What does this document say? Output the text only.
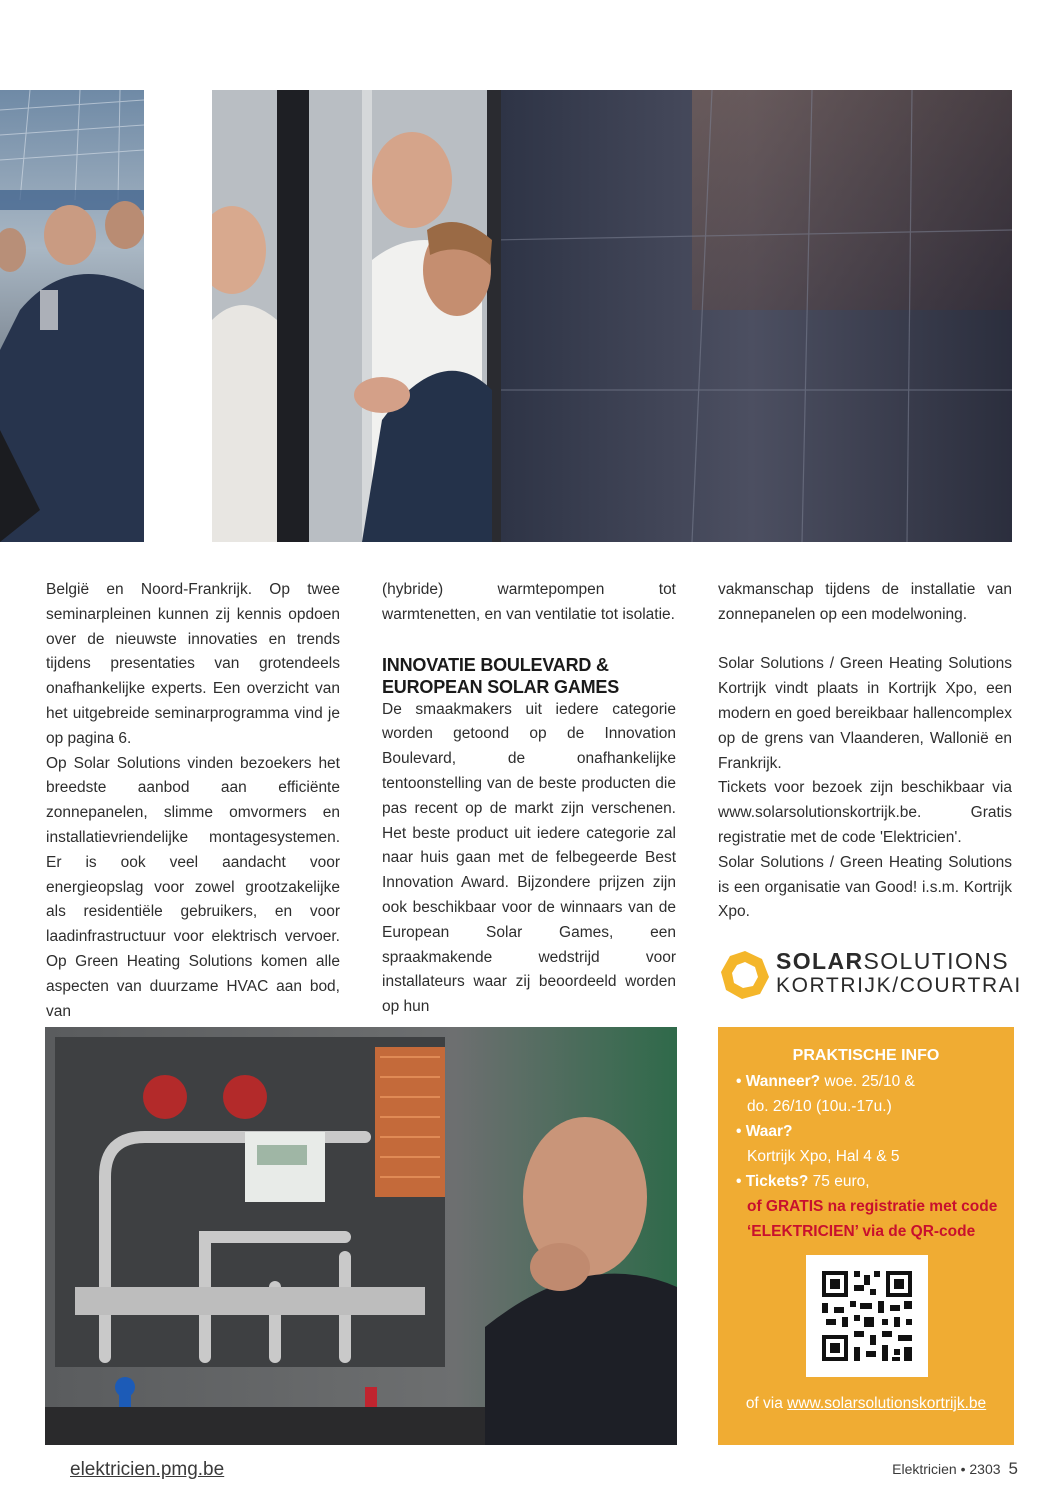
België en Noord-Frankrijk. Op twee seminarpleinen kunnen zij kennis opdoen over de nieuwste innovaties en trends tijdens presentaties van grotendeels onafhankelijke experts. Een overzicht van het uitgebreide seminarprogramma vind je op pagina 6.

Op Solar Solutions vinden bezoekers het breedste aanbod aan efficiënte zonnepanelen, slimme omvormers en installatievriendelijke montagesystemen. Er is ook veel aandacht voor energieopslag voor zowel grootzakelijke als residentiële gebruikers, en voor laadinfrastructuur voor elektrisch vervoer. Op Green Heating Solutions komen alle aspecten van duurzame HVAC aan bod, van

(hybride) warmtepompen tot warmtenetten, en van ventilatie tot isolatie.

INNOVATIE BOULEVARD &
EUROPEAN SOLAR GAMES

De smaakmakers uit iedere categorie worden getoond op de Innovation Boulevard, de onafhankelijke tentoonstelling van de beste producten die pas recent op de markt zijn verschenen. Het beste product uit iedere categorie zal naar huis gaan met de felbegeerde Best Innovation Award. Bijzondere prijzen zijn ook beschikbaar voor de winnaars van de European Solar Games, een spraakmakende wedstrijd voor installateurs waar zij beoordeeld worden op hun

vakmanschap tijdens de installatie van zonnepanelen op een modelwoning.

Solar Solutions / Green Heating Solutions Kortrijk vindt plaats in Kortrijk Xpo, een modern en goed bereikbaar hallencomplex op de grens van Vlaanderen, Wallonië en Frankrijk.

Tickets voor bezoek zijn beschikbaar via www.solarsolutionskortrijk.be. Gratis registratie met de code 'Elektricien'.

Solar Solutions / Green Heating Solutions is een organisatie van Good! i.s.m. Kortrijk Xpo.

SOLARSOLUTIONS
KORTRIJK/COURTRAI
PRAKTISCHE INFO
• Wanneer? woe. 25/10 &
do. 26/10 (10u.-17u.)
• Waar?
Kortrijk Xpo, Hal 4 & 5
• Tickets? 75 euro,
of GRATIS na registratie met code
‘ELEKTRICIEN’ via de QR-code
of via www.solarsolutionskortrijk.be
elektricien.pmg.be	Elektricien • 2303 5
